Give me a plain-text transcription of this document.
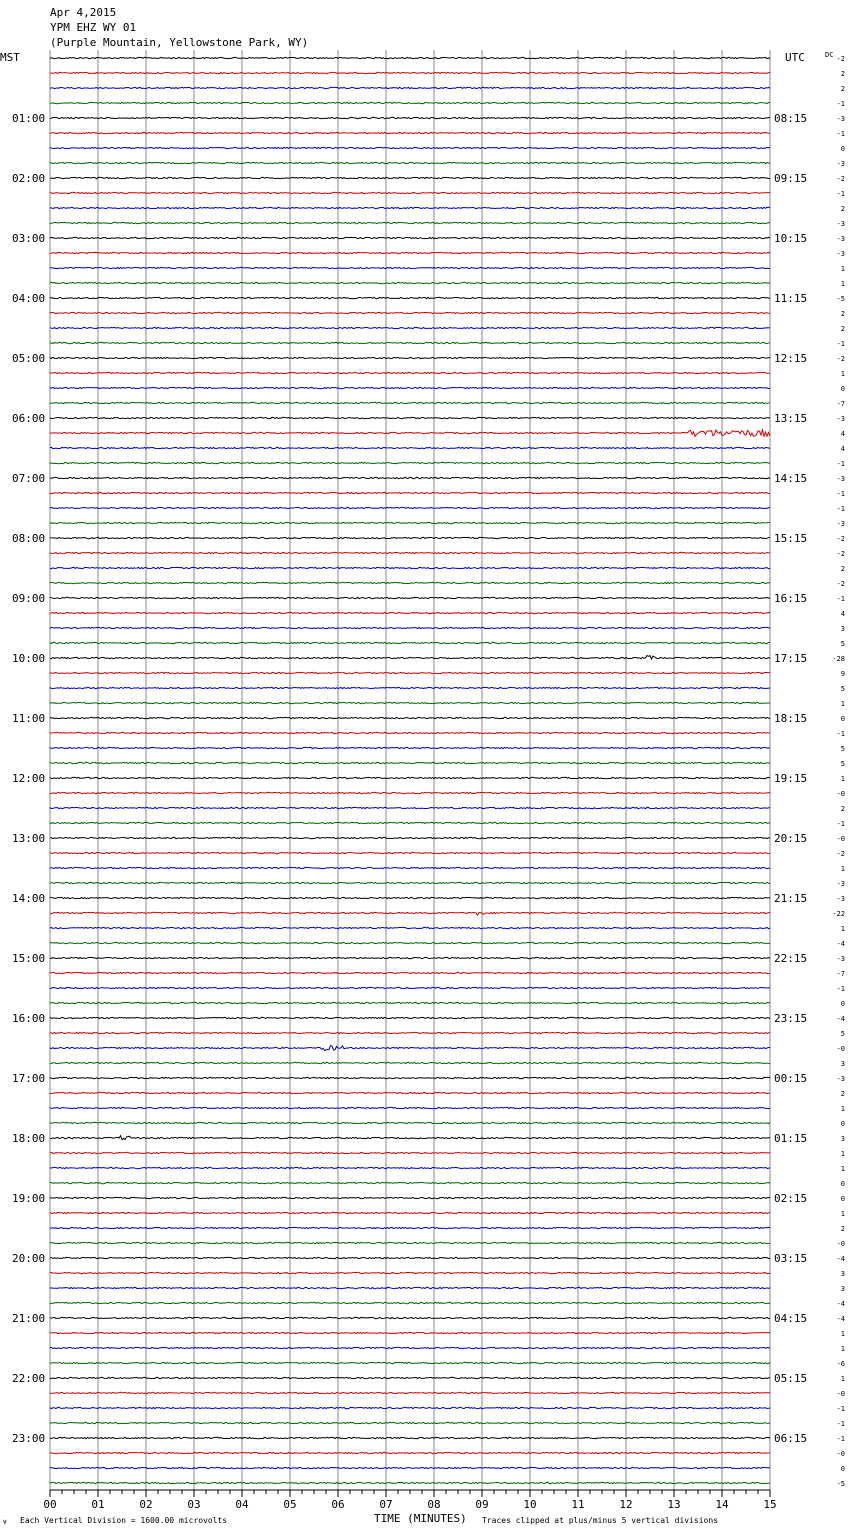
Apr 4,2015
YPM EHZ WY 01
(Purple Mountain, Yellowstone Park, WY)
MST	UTC	DC
01:00
02:00
03:00
04:00
05:00
06:00
07:00
08:00
09:00
10:00
11:00
12:00
13:00
14:00
15:00
16:00
17:00
18:00
19:00
20:00
21:00
22:00
23:00
08:15
09:15
10:15
11:15
12:15
13:15
14:15
15:15
16:15
17:15
18:15
19:15
20:15
21:15
22:15
23:15
00:15
01:15
02:15
03:15
04:15
05:15
06:15
-2
2
2
-1
-3
-1
0
-3
-2
-1
2
-3
-3
-3
1
1
-5
2
2
-1
-2
1
0
-7
-3
4
4
-1
-3
-1
-1
-3
-2
-2
2
-2
-1
4
3
5
-28
9
5
1
0
-1
5
5
1
-0
2
-1
-0
-2
1
-3
-3
-22
1
-4
-3
-7
-1
0
-4
5
-0
3
-3
2
1
0
3
1
1
0
0
1
2
-0
-4
3
3
-4
-4
1
1
-6
1
-0
-1
-1
-1
-0
0
-5
00	01	02	03	04	05	06	07	08	09	10	11	12	13	14	15
TIME (MINUTES)
Each Vertical Division = 1600.00 microvolts	Traces clipped at plus/minus 5 vertical divisions
∀
